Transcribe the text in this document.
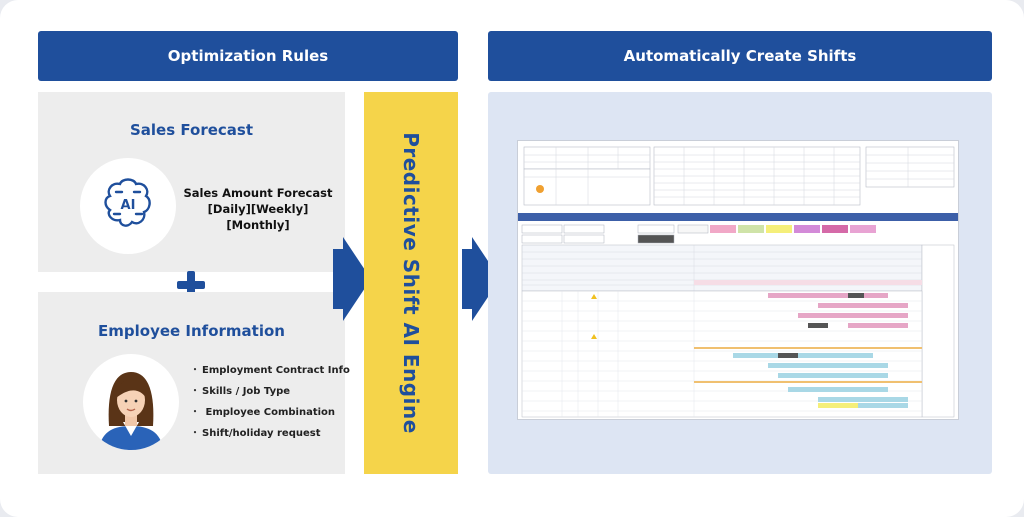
Optimization Rules	Automatically Create Shifts
Sales Forecast
AI
Sales Amount Forecast
[Daily][Weekly][Monthly]
Employee Information
・ Employment Contract Info
・ Skills / Job Type
・ Employee Combination
・ Shift/holiday request	Predictive Shift AI Engine
